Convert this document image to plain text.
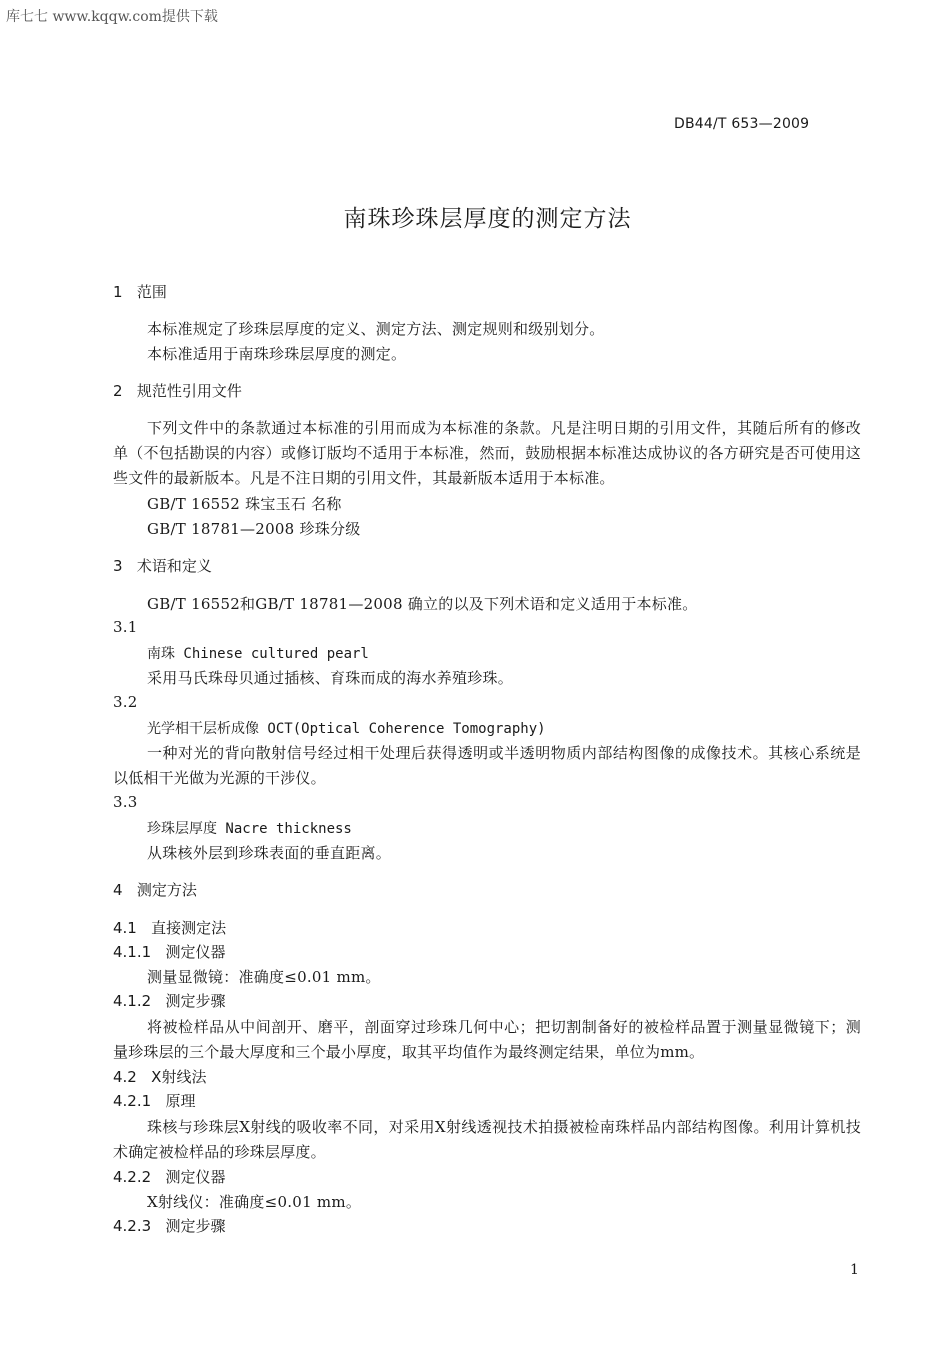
库七七 www.kqqw.com提供下载
DB44/T 653—2009
南珠珍珠层厚度的测定方法
1 范围
本标准规定了珍珠层厚度的定义、测定方法、测定规则和级别划分。
本标准适用于南珠珍珠层厚度的测定。
2 规范性引用文件
下列文件中的条款通过本标准的引用而成为本标准的条款。凡是注明日期的引用文件，其随后所有的修改单（不包括勘误的内容）或修订版均不适用于本标准，然而，鼓励根据本标准达成协议的各方研究是否可使用这些文件的最新版本。凡是不注日期的引用文件，其最新版本适用于本标准。
GB/T 16552 珠宝玉石 名称
GB/T 18781—2008 珍珠分级
3 术语和定义
GB/T 16552和GB/T 18781—2008 确立的以及下列术语和定义适用于本标准。
3.1
南珠 Chinese cultured pearl
采用马氏珠母贝通过插核、育珠而成的海水养殖珍珠。
3.2
光学相干层析成像 OCT(Optical Coherence Tomography)
一种对光的背向散射信号经过相干处理后获得透明或半透明物质内部结构图像的成像技术。其核心系统是以低相干光做为光源的干涉仪。
3.3
珍珠层厚度 Nacre thickness
从珠核外层到珍珠表面的垂直距离。
4 测定方法
4.1 直接测定法
4.1.1 测定仪器
测量显微镜：准确度≤0.01 mm。
4.1.2 测定步骤
将被检样品从中间剖开、磨平，剖面穿过珍珠几何中心；把切割制备好的被检样品置于测量显微镜下；测量珍珠层的三个最大厚度和三个最小厚度，取其平均值作为最终测定结果，单位为mm。
4.2 X射线法
4.2.1 原理
珠核与珍珠层X射线的吸收率不同，对采用X射线透视技术拍摄被检南珠样品内部结构图像。利用计算机技术确定被检样品的珍珠层厚度。
4.2.2 测定仪器
X射线仪：准确度≤0.01 mm。
4.2.3 测定步骤
1
